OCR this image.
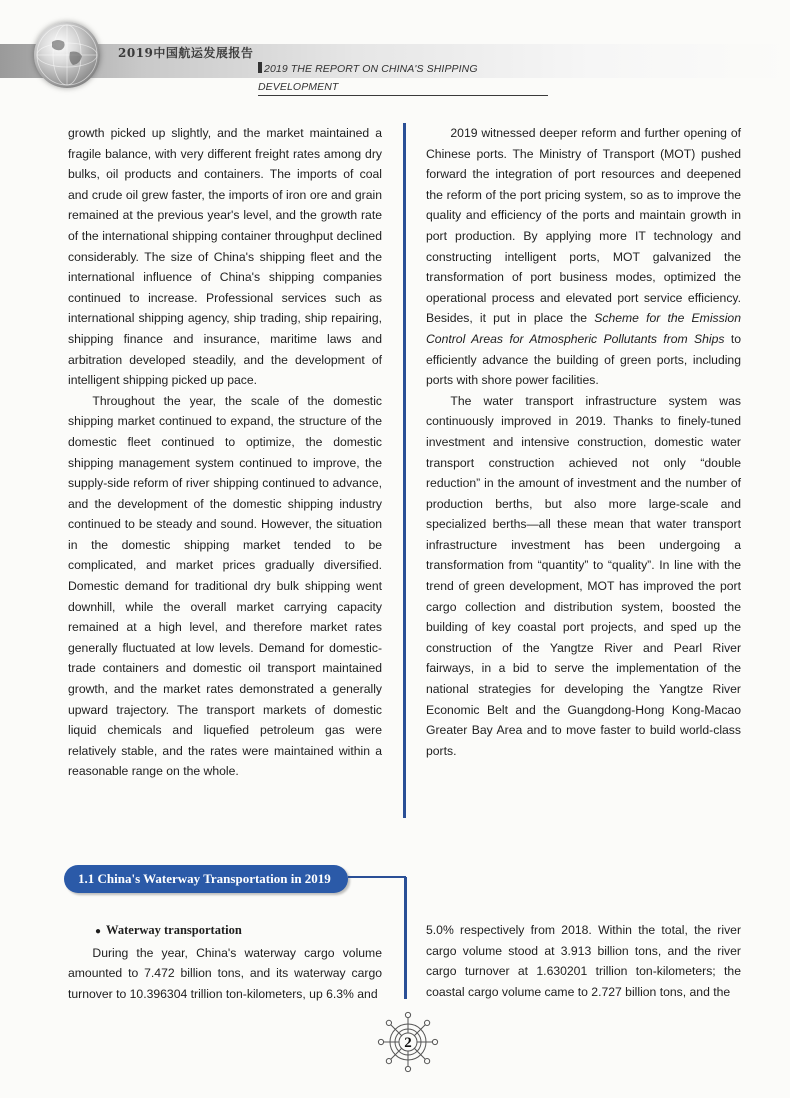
2019中国航运发展报告
2019 THE REPORT ON CHINA'S SHIPPING DEVELOPMENT

growth picked up slightly, and the market maintained a fragile balance, with very different freight rates among dry bulks, oil products and containers. The imports of coal and crude oil grew faster, the imports of iron ore and grain remained at the previous year's level, and the growth rate of the international shipping container throughput declined considerably. The size of China's shipping fleet and the international influence of China's shipping companies continued to increase. Professional services such as international shipping agency, ship trading, ship repairing, shipping finance and insurance, maritime laws and arbitration developed steadily, and the development of intelligent shipping picked up pace.

Throughout the year, the scale of the domestic shipping market continued to expand, the structure of the domestic fleet continued to optimize, the domestic shipping management system continued to improve, the supply-side reform of river shipping continued to advance, and the development of the domestic shipping industry continued to be steady and sound. However, the situation in the domestic shipping market tended to be complicated, and market prices gradually diversified. Domestic demand for traditional dry bulk shipping went downhill, while the overall market carrying capacity remained at a high level, and therefore market rates generally fluctuated at low levels. Demand for domestic-trade containers and domestic oil transport maintained growth, and the market rates demonstrated a generally upward trajectory. The transport markets of domestic liquid chemicals and liquefied petroleum gas were relatively stable, and the rates were maintained within a reasonable range on the whole.

2019 witnessed deeper reform and further opening of Chinese ports. The Ministry of Transport (MOT) pushed forward the integration of port resources and deepened the reform of the port pricing system, so as to improve the quality and efficiency of the ports and maintain growth in port production. By applying more IT technology and constructing intelligent ports, MOT galvanized the transformation of port business modes, optimized the operational process and elevated port service efficiency. Besides, it put in place the Scheme for the Emission Control Areas for Atmospheric Pollutants from Ships to efficiently advance the building of green ports, including ports with shore power facilities.

The water transport infrastructure system was continuously improved in 2019. Thanks to finely-tuned investment and intensive construction, domestic water transport construction achieved not only “double reduction” in the amount of investment and the number of production berths, but also more large-scale and specialized berths—all these mean that water transport infrastructure investment has been undergoing a transformation from “quantity” to “quality”. In line with the trend of green development, MOT has improved the port cargo collection and distribution system, boosted the building of key coastal port projects, and sped up the construction of the Yangtze River and Pearl River fairways, in a bid to serve the implementation of the national strategies for developing the Yangtze River Economic Belt and the Guangdong-Hong Kong-Macao Greater Bay Area and to move faster to build world-class ports.

1.1 China's Waterway Transportation in 2019

● Waterway transportation

During the year, China's waterway cargo volume amounted to 7.472 billion tons, and its waterway cargo turnover to 10.396304 trillion ton-kilometers, up 6.3% and

5.0% respectively from 2018. Within the total, the river cargo volume stood at 3.913 billion tons, and the river cargo turnover at 1.630201 trillion ton-kilometers; the coastal cargo volume came to 2.727 billion tons, and the

2
